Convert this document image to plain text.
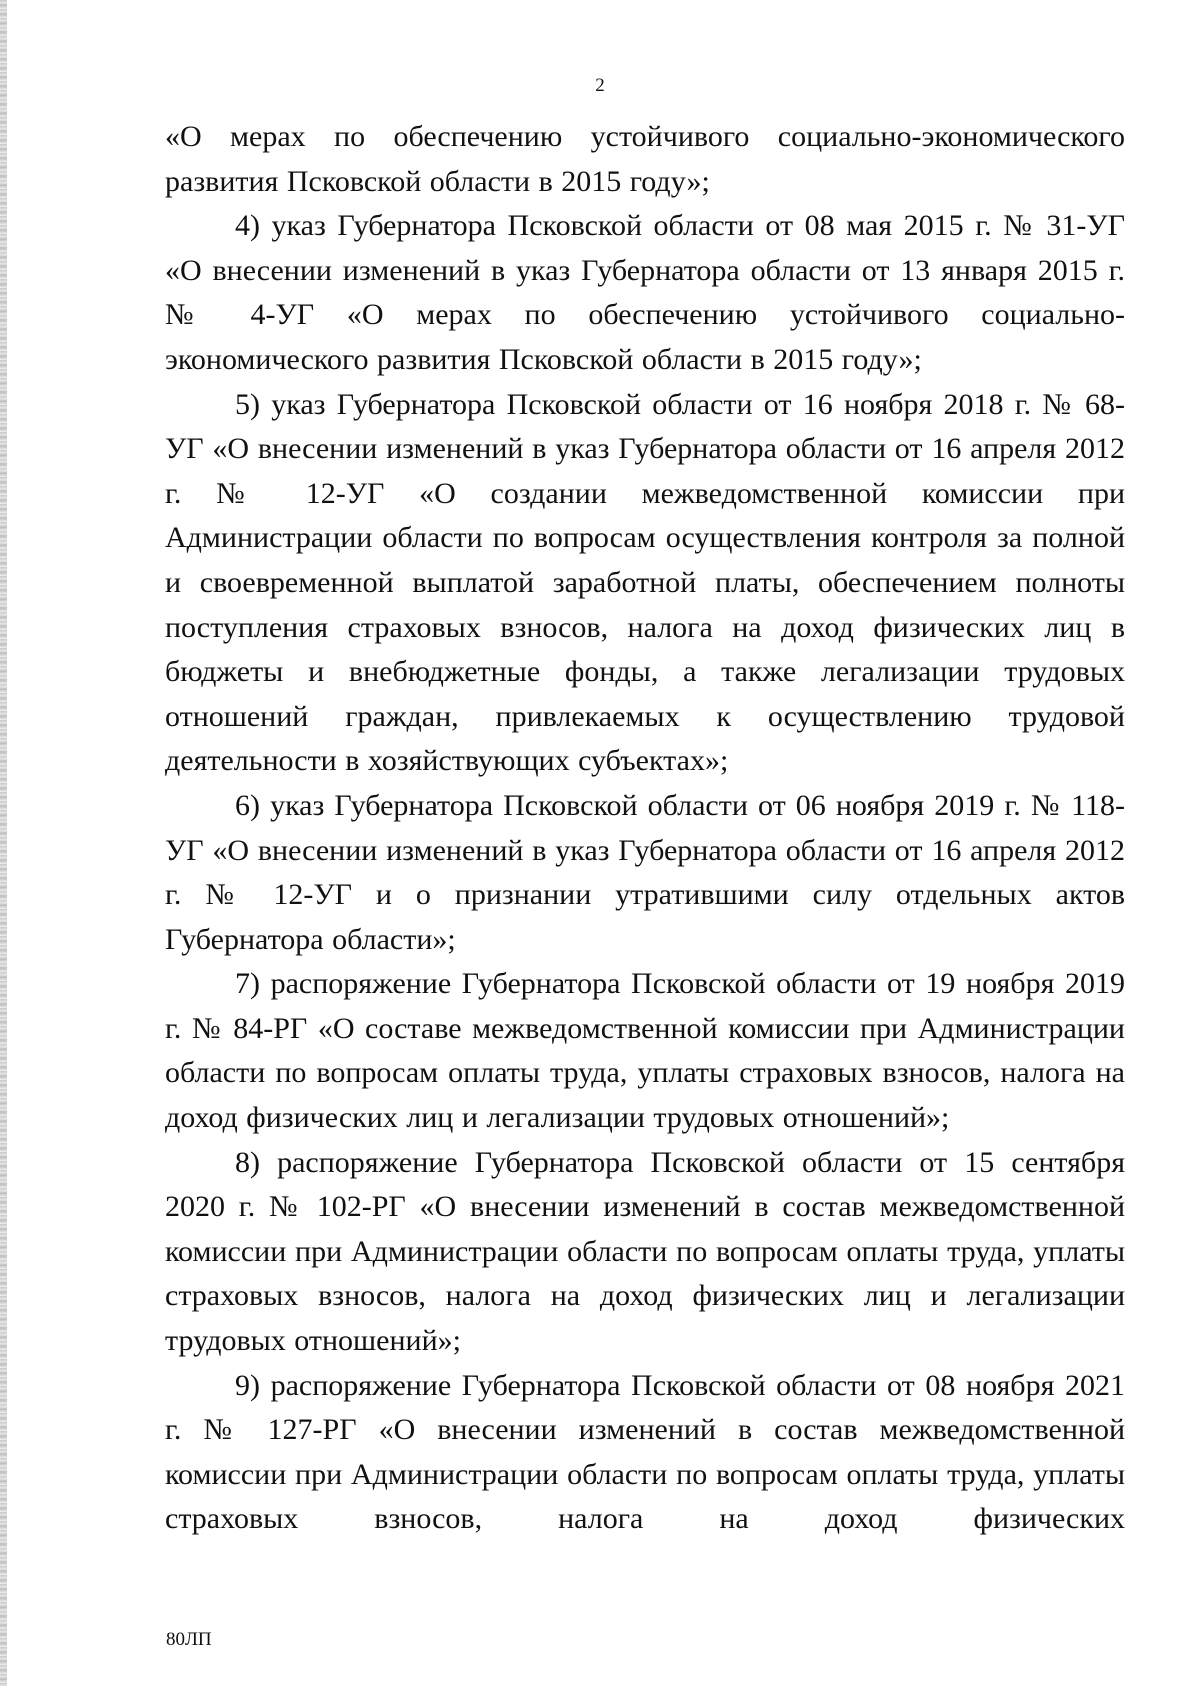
2

«О мерах по обеспечению устойчивого социально-экономического развития Псковской области в 2015 году»;

4) указ Губернатора Псковской области от 08 мая 2015 г. № 31-УГ «О внесении изменений в указ Губернатора области от 13 января 2015 г. № 4-УГ «О мерах по обеспечению устойчивого социально-экономического развития Псковской области в 2015 году»;

5) указ Губернатора Псковской области от 16 ноября 2018 г. № 68-УГ «О внесении изменений в указ Губернатора области от 16 апреля 2012 г. № 12-УГ «О создании межведомственной комиссии при Администрации области по вопросам осуществления контроля за полной и своевременной выплатой заработной платы, обеспечением полноты поступления страховых взносов, налога на доход физических лиц в бюджеты и внебюджетные фонды, а также легализации трудовых отношений граждан, привлекаемых к осуществлению трудовой деятельности в хозяйствующих субъектах»;

6) указ Губернатора Псковской области от 06 ноября 2019 г. № 118-УГ «О внесении изменений в указ Губернатора области от 16 апреля 2012 г. № 12-УГ и о признании утратившими силу отдельных актов Губернатора области»;

7) распоряжение Губернатора Псковской области от 19 ноября 2019 г. № 84-РГ «О составе межведомственной комиссии при Администрации области по вопросам оплаты труда, уплаты страховых взносов, налога на доход физических лиц и легализации трудовых отношений»;

8) распоряжение Губернатора Псковской области от 15 сентября 2020 г. № 102-РГ «О внесении изменений в состав межведомственной комиссии при Администрации области по вопросам оплаты труда, уплаты страховых взносов, налога на доход физических лиц и легализации трудовых отношений»;

9) распоряжение Губернатора Псковской области от 08 ноября 2021 г. № 127-РГ «О внесении изменений в состав межведомственной комиссии при Администрации области по вопросам оплаты труда, уплаты страховых взносов, налога на доход физических

80ЛП
